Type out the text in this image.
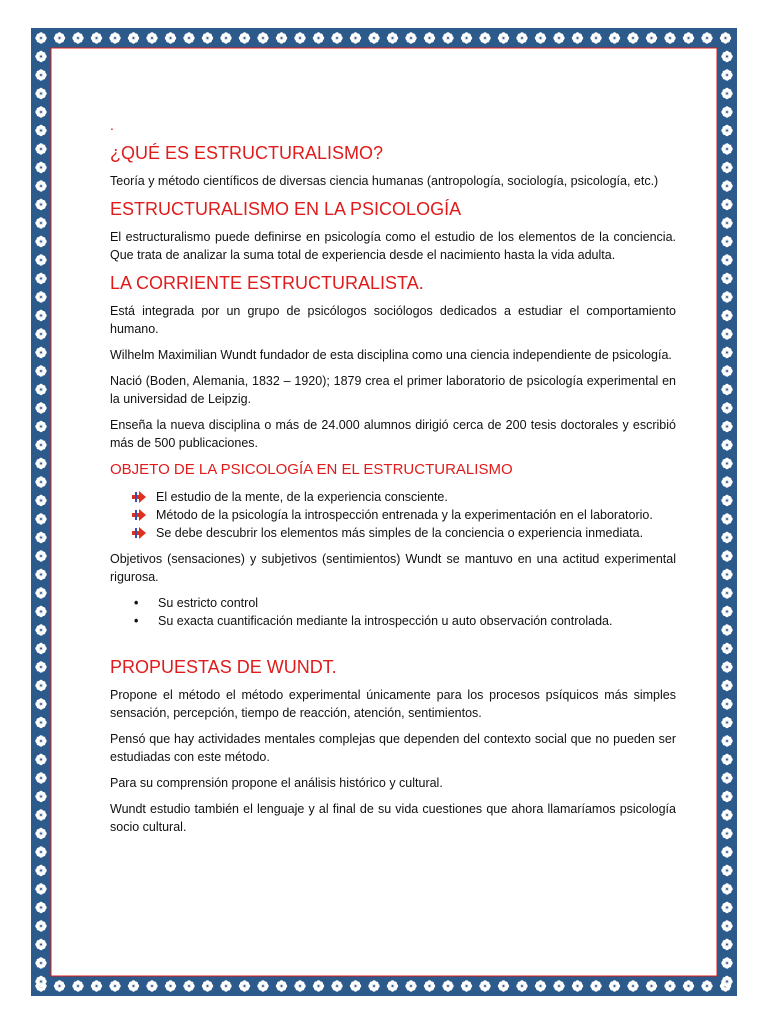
.
¿QUÉ ES ESTRUCTURALISMO?

Teoría y método científicos de diversas ciencia humanas (antropología, sociología, psicología, etc.)

ESTRUCTURALISMO EN LA PSICOLOGÍA

El estructuralismo puede definirse en psicología como el estudio de los elementos de la conciencia. Que trata de analizar la suma total de experiencia desde el nacimiento hasta la vida adulta.

LA CORRIENTE ESTRUCTURALISTA.

Está integrada por un grupo de psicólogos sociólogos dedicados a estudiar el comportamiento humano.

Wilhelm Maximilian Wundt fundador de esta disciplina como una ciencia independiente de psicología.

Nació (Boden, Alemania, 1832 – 1920); 1879 crea el primer laboratorio de psicología experimental en la universidad de Leipzig.

Enseña la nueva disciplina o más de 24.000 alumnos dirigió cerca de 200 tesis doctorales y escribió más de 500 publicaciones.

OBJETO DE LA PSICOLOGÍA EN EL ESTRUCTURALISMO
El estudio de la mente, de la experiencia consciente.
Método de la psicología la introspección entrenada y la experimentación en el laboratorio.
Se debe descubrir los elementos más simples de la conciencia o experiencia inmediata.

Objetivos (sensaciones) y subjetivos (sentimientos) Wundt se mantuvo en una actitud experimental rigurosa.

• Su estricto control
• Su exacta cuantificación mediante la introspección u auto observación controlada.
PROPUESTAS DE WUNDT.

Propone el método el método experimental únicamente para los procesos psíquicos más simples sensación, percepción, tiempo de reacción, atención, sentimientos.

Pensó que hay actividades mentales complejas que dependen del contexto social que no pueden ser estudiadas con este método.

Para su comprensión propone el análisis histórico y cultural.

Wundt estudio también el lenguaje y al final de su vida cuestiones que ahora llamaríamos psicología socio cultural.
